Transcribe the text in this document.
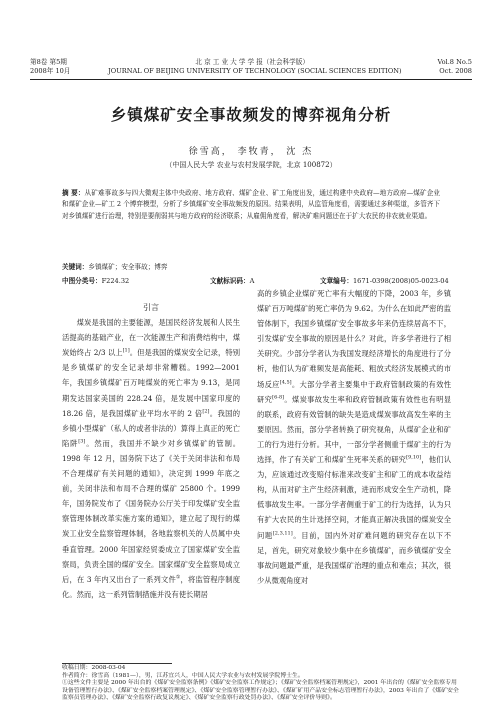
第8卷 第5期	北 京 工 业 大 学 学 报（社会科学版）	Vol.8 No.5
2008年 10月	JOURNAL OF BEIJING UNIVERSITY OF TECHNOLOGY (SOCIAL SCIENCES EDITION)	Oct. 2008
乡镇煤矿安全事故频发的博弈视角分析
徐雪高， 李牧青， 沈 杰
（中国人民大学 农业与农村发展学院，北京 100872）
摘 要：从矿难事故多与四大微观主体中央政府、地方政府、煤矿企业、矿工角度出发，通过构建中央政府—地方政府—煤矿企业和煤矿企业—矿工 2 个博弈模型，分析了乡镇煤矿安全事故频发的原因。结果表明，从监管角度看，需要通过多种渠道，多管齐下对乡镇煤矿进行治理，特别是要削弱其与地方政府的经济联系；从雇佣角度看，解决矿难问题还在于扩大农民的非农就业渠道。
关键词：乡镇煤矿；安全事故；博弈
中图分类号：F224.32	文献标识码：A	文章编号：1671-0398(2008)05-0023-04

引言

煤炭是我国的主要能源，是国民经济发展和人民生活提高的基础产业，在一次能源生产和消费结构中，煤炭始终占 2/3 以上[1]。但是我国的煤炭安全记录，特别是乡镇煤矿的安全记录却非常糟糕。1992—2001 年，我国乡镇煤矿百万吨煤炭的死亡率为 9.13，是同期发达国家美国的 228.24 倍，是发展中国家印度的 18.26 倍，是我国煤矿业平均水平的 2 倍[2]。我国的乡镇小型煤矿（私人的或者非法的）算得上真正的死亡陷阱[3]。然而，我国并不缺少对乡镇煤矿的管制。1998 年 12 月，国务院下达了《关于关闭非法和布局不合理煤矿有关问题的通知》，决定到 1999 年底之前，关闭非法和布局不合理的煤矿 25800 个。1999 年，国务院发布了《国务院办公厅关于印发煤矿安全监察管理体制改革实施方案的通知》，建立起了现行的煤炭工业安全监察管理体制，各地监察机关的人员属中央垂直管理。2000 年国家经贸委成立了国家煤矿安全监察局，负责全国的煤矿安全。国家煤矿安全监察局成立后，在 3 年内又出台了一系列文件①，将监管程序制度化。然而，这一系列管制措施并没有使长期居

高的乡镇企业煤矿死亡率有大幅度的下降，2003 年，乡镇煤矿百万吨煤矿的死亡率仍为 9.62。为什么在如此严密的监管体制下，我国乡镇煤矿安全事故多年来仍连续居高不下，引发煤矿安全事故的原因是什么？对此，许多学者进行了相关研究。少部分学者认为我国发现经济增长的角度进行了分析，他们认为矿难频发是高能耗、粗放式经济发展模式的市场反应[4,5]。大部分学者主要集中于政府管制政策的有效性研究[6-8]。煤炭事故发生率和政府管制政策有效性也有明显的联系，政府有效管制的缺失是造成煤炭事故高发生率的主要原因。然而，部分学者转换了研究视角，从煤矿企业和矿工的行为进行分析。其中，一部分学者侧重于煤矿主的行为选择，作了有关矿工和煤矿生死率关系的研究[9,10]，他们认为，应该通过改变赔付标准来改变矿主和矿工的成本收益结构，从而对矿主产生经济刺激，进而形成安全生产动机，降低事故发生率。一部分学者侧重于矿工的行为选择，认为只有扩大农民的生计选择空间，才能真正解决我国的煤炭安全问题[2,3,11]。目前，国内外对矿难问题的研究存在以下不足，首先，研究对象较少集中在乡镇煤矿，而乡镇煤矿安全事故问题最严重，是我国煤矿治理的重点和难点；其次，很少从微观角度对

收稿日期：2008-03-04
作者简介：徐雪高（1981—），男，江苏宜兴人，中国人民大学农业与农村发展学院博士生。
①这些文件主要是 2000 年出台的《煤矿安全监察条例》《煤矿安全监察工作规定》；《煤矿安全监察档案管理规定》，2001 年出台的《煤矿安全监察专用设备管理暂行办法》、《煤矿安全监察档案管理规定》、《煤矿安全监察管理暂行办法》、《煤矿矿用产品安全标志管理暂行办法》，2003 年出台了《煤矿安全监察员管理办法》、《煤矿安全监察行政复议规定》、《煤矿安全监察行政处罚办法》、《煤矿安全评价导则》。
